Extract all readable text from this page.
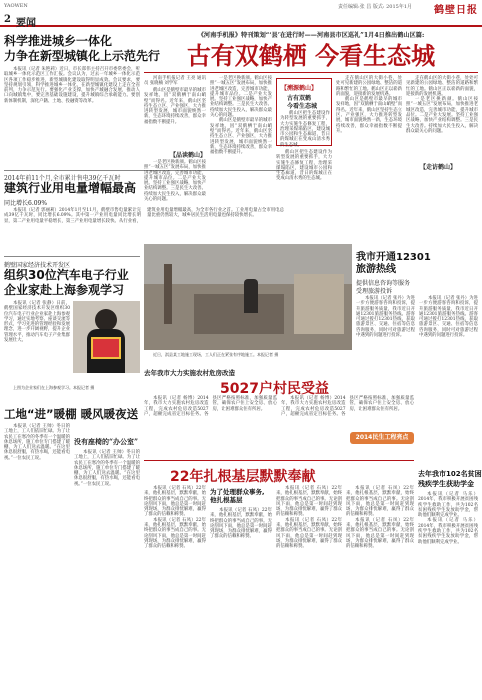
YAOWEN	责任编辑:张 昌 版式: 2015年1月 鹤壁日报
2 要闻
科学推进城乡一体化
力争在新型城镇化上示范先行

本报讯（记者 朱艳莉）近日，市长郑伟主持召开市委常委会，听取城乡一体化示范区工作汇报。会议认为，过去一年城乡一体化示范区各项工作稳步推进，新型城镇化建设取得明显成效。会议要求，要坚持规划引领，科学推进城乡一体化，在新型城镇化建设上走在全省前列，力争示范先行。要强化产业支撑，加快产城融合发展，推动人口向城镇集中，要完善基础设施建设，提升城镇综合承载能力。要创新体制机制，深化户籍、土地、投融资等改革。

2014年前11个月,全市累计售电39亿千瓦时
建筑行业用电量增幅最高
同比增长6.09%

本报讯（记者 郭丽莉）2014年1月至11月，鹤壁市售电量累计完成39亿千瓦时，同比增长6.09%。其中第一产业用电量同比增长明显，第二产业用电量平稳增长，第三产业用电量增长较快。从行业看，建筑业用电量增幅最高，为全市各行业之首。工业用电量占全市用电总量比重仍然较大，城乡居民生活用电量也保持较快增长。

鹤壁国家经济技术开发区
组织30位汽车电子行业
企业家赴上海参观学习

本报讯（记者 张静）日前，鹤壁国家经济技术开发区组织30位汽车电子行业企业家赴上海参观学习，通过实地考察、座谈交流等形式，学习先进的管理经验和发展理念，进一步开阔视野，提升企业管理水平，推动汽车电子产业集群发展壮大。

上图为企业家们在上海参观学习。本报记者 摄

工地“进”暖棚 暖风暖夜送

本报讯（记者 王帅）冬日的工地上，工人们依旧忙碌。为了让农民工在寒冷的冬季有一个温暖的休息场所，施工单位专门搭建了暖棚，为工人们送去温暖。“在这里休息很舒服，有热水喝，还能看电视。”一位农民工说。

没有座椅的“办公室”

本报讯（记者 王帅）冬日的工地上，工人们依旧忙碌。为了让农民工在寒冷的冬季有一个温暖的休息场所，施工单位专门搭建了暖棚，为工人们送去温暖。“在这里休息很舒服，有热水喝，还能看电视。”一位农民工说。

《河南手机报》特刊策划“‘县’在进行时——河南县市区巡礼”1月4日推出鹤山区篇:
古有双鹤栖 今看生态城

河南手机报记者 王亮 通讯员 张晓楠 刘学军

鹤山区是鹤壁市最早的城市发祥地，因“双鹤栖于南山峭壁”而得名。近年来，鹤山区坚持生态立区、产业强区，大力推进转型发展，城市面貌焕然一新，生态环境持续改善，群众幸福指数不断提升。

【品读鹤山】

一是老区换新颜。鹤山区按照“一城五区”发展布局，加快推进老城区改造，完善城市功能，提升城市品位。二是产业大发展。坚持工业强区战略，加快产业结构调整。三是民生大改善。持续加大民生投入，解决群众最关心的问题。

一是老区换新颜。鹤山区按照“一城五区”发展布局，加快推进老城区改造，完善城市功能，提升城市品位。二是产业大发展。坚持工业强区战略，加快产业结构调整。三是民生大改善。持续加大民生投入，解决群众最关心的问题。

鹤山区是鹤壁市最早的城市发祥地，因“双鹤栖于南山峭壁”而得名。近年来，鹤山区坚持生态立区、产业强区，大力推进转型发展，城市面貌焕然一新，生态环境持续改善，群众幸福指数不断提升。

【溯源鹤山】
古有双鹤
今看生态城

鹤山区把生态建设作为转型发展的重要抓手，大力实施生态修复工程，治理采煤塌陷区，建设城市公园和生态廊道，昔日的煤城正在变成山清水秀的生态城。

鹤山区把生态建设作为转型发展的重要抓手，大力实施生态修复工程，治理采煤塌陷区，建设城市公园和生态廊道，昔日的煤城正在变成山清水秀的生态城。

走在鹤山区的大街小巷，处处可见新建的公园绿地、整洁的道路和繁忙的工地。鹤山区正以崭新的面貌，迎接新的发展机遇。

鹤山区是鹤壁市最早的城市发祥地，因“双鹤栖于南山峭壁”而得名。近年来，鹤山区坚持生态立区、产业强区，大力推进转型发展，城市面貌焕然一新，生态环境持续改善，群众幸福指数不断提升。

【走访鹤山】

走在鹤山区的大街小巷，处处可见新建的公园绿地、整洁的道路和繁忙的工地。鹤山区正以崭新的面貌，迎接新的发展机遇。

一是老区换新颜。鹤山区按照“一城五区”发展布局，加快推进老城区改造，完善城市功能，提升城市品位。二是产业大发展。坚持工业强区战略，加快产业结构调整。三是民生大改善。持续加大民生投入，解决群众最关心的问题。

近日，淇县某工地施工现场，工人们正在紧张有序地施工。本报记者 摄

我市开通12301
旅游热线
提供信息咨询等服务
受理旅游投诉

本报讯（记者 张丹）为进一步方便游客咨询和投诉，提升旅游服务质量，我市近日开通12301旅游服务热线。游客可通过拨打12301热线，获取旅游景区、交通、住宿等信息咨询服务，同时可对旅游过程中遇到的问题进行投诉。

本报讯（记者 张丹）为进一步方便游客咨询和投诉，提升旅游服务质量，我市近日开通12301旅游服务热线。游客可通过拨打12301热线，获取旅游景区、交通、住宿等信息咨询服务，同时可对旅游过程中遇到的问题进行投诉。

去年我市102名贫困
残疾学生获助学金

本报讯（记者 马乐）2014年，我市积极开展贫困残疾学生救助工作，共为102名贫困残疾学生发放助学金，帮助他们顺利完成学业。

本报讯（记者 马乐）2014年，我市积极开展贫困残疾学生救助工作，共为102名贫困残疾学生发放助学金，帮助他们顺利完成学业。

去年我市大力实施农村危房改造
5027户村民受益

本报讯（记者 杨博）2014年，我市大力实施农村危房改造工程，完成农村危房改造5027户，超额完成省定目标任务。各县区严格按照标准，加强质量监管，确保农户住上安全房、放心房，让困难群众住有所居。

本报讯（记者 杨博）2014年，我市大力实施农村危房改造工程，完成农村危房改造5027户，超额完成省定目标任务。各县区严格按照标准，加强质量监管，确保农户住上安全房、放心房，让困难群众住有所居。

2014民生工程亮点
22年扎根基层默默奉献

本报讯（记者 石凤）22年来，他扎根基层，默默奉献，始终把群众的事当成自己的事。无论刮风下雨，他总是第一时间赶到现场，为群众排忧解难，赢得了群众的信赖和称赞。

本报讯（记者 石凤）22年来，他扎根基层，默默奉献，始终把群众的事当成自己的事。无论刮风下雨，他总是第一时间赶到现场，为群众排忧解难，赢得了群众的信赖和称赞。

为了处理群众事务,他扎根基层

本报讯（记者 石凤）22年来，他扎根基层，默默奉献，始终把群众的事当成自己的事。无论刮风下雨，他总是第一时间赶到现场，为群众排忧解难，赢得了群众的信赖和称赞。

本报讯（记者 石凤）22年来，他扎根基层，默默奉献，始终把群众的事当成自己的事。无论刮风下雨，他总是第一时间赶到现场，为群众排忧解难，赢得了群众的信赖和称赞。

本报讯（记者 石凤）22年来，他扎根基层，默默奉献，始终把群众的事当成自己的事。无论刮风下雨，他总是第一时间赶到现场，为群众排忧解难，赢得了群众的信赖和称赞。

本报讯（记者 石凤）22年来，他扎根基层，默默奉献，始终把群众的事当成自己的事。无论刮风下雨，他总是第一时间赶到现场，为群众排忧解难，赢得了群众的信赖和称赞。

本报讯（记者 石凤）22年来，他扎根基层，默默奉献，始终把群众的事当成自己的事。无论刮风下雨，他总是第一时间赶到现场，为群众排忧解难，赢得了群众的信赖和称赞。
